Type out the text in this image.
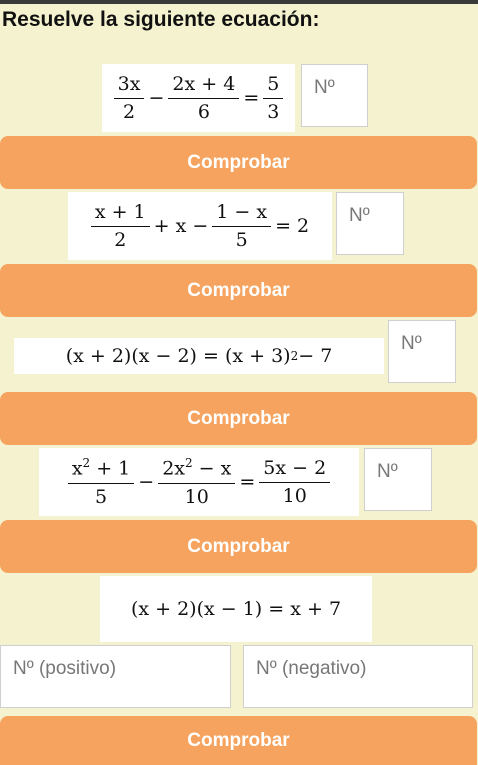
Resuelve la siguiente ecuación:
$\frac{3x}{2} - \frac{2x + 4}{6} = \frac{5}{3}$	Nº
Comprobar
$\frac{x + 1}{2} + x - \frac{1 - x}{5} = 2$	Nº
Comprobar
(x + 2)(x − 2) = (x + 3) 2 − 7
Nº
Comprobar
$\frac{x^2 + 1}{5} - \frac{2x^2 - x}{10} = \frac{5x - 2}{10}$	Nº
Comprobar
(x + 2)(x − 1) = x + 7
Nº (positivo)	Nº (negativo)
Comprobar
